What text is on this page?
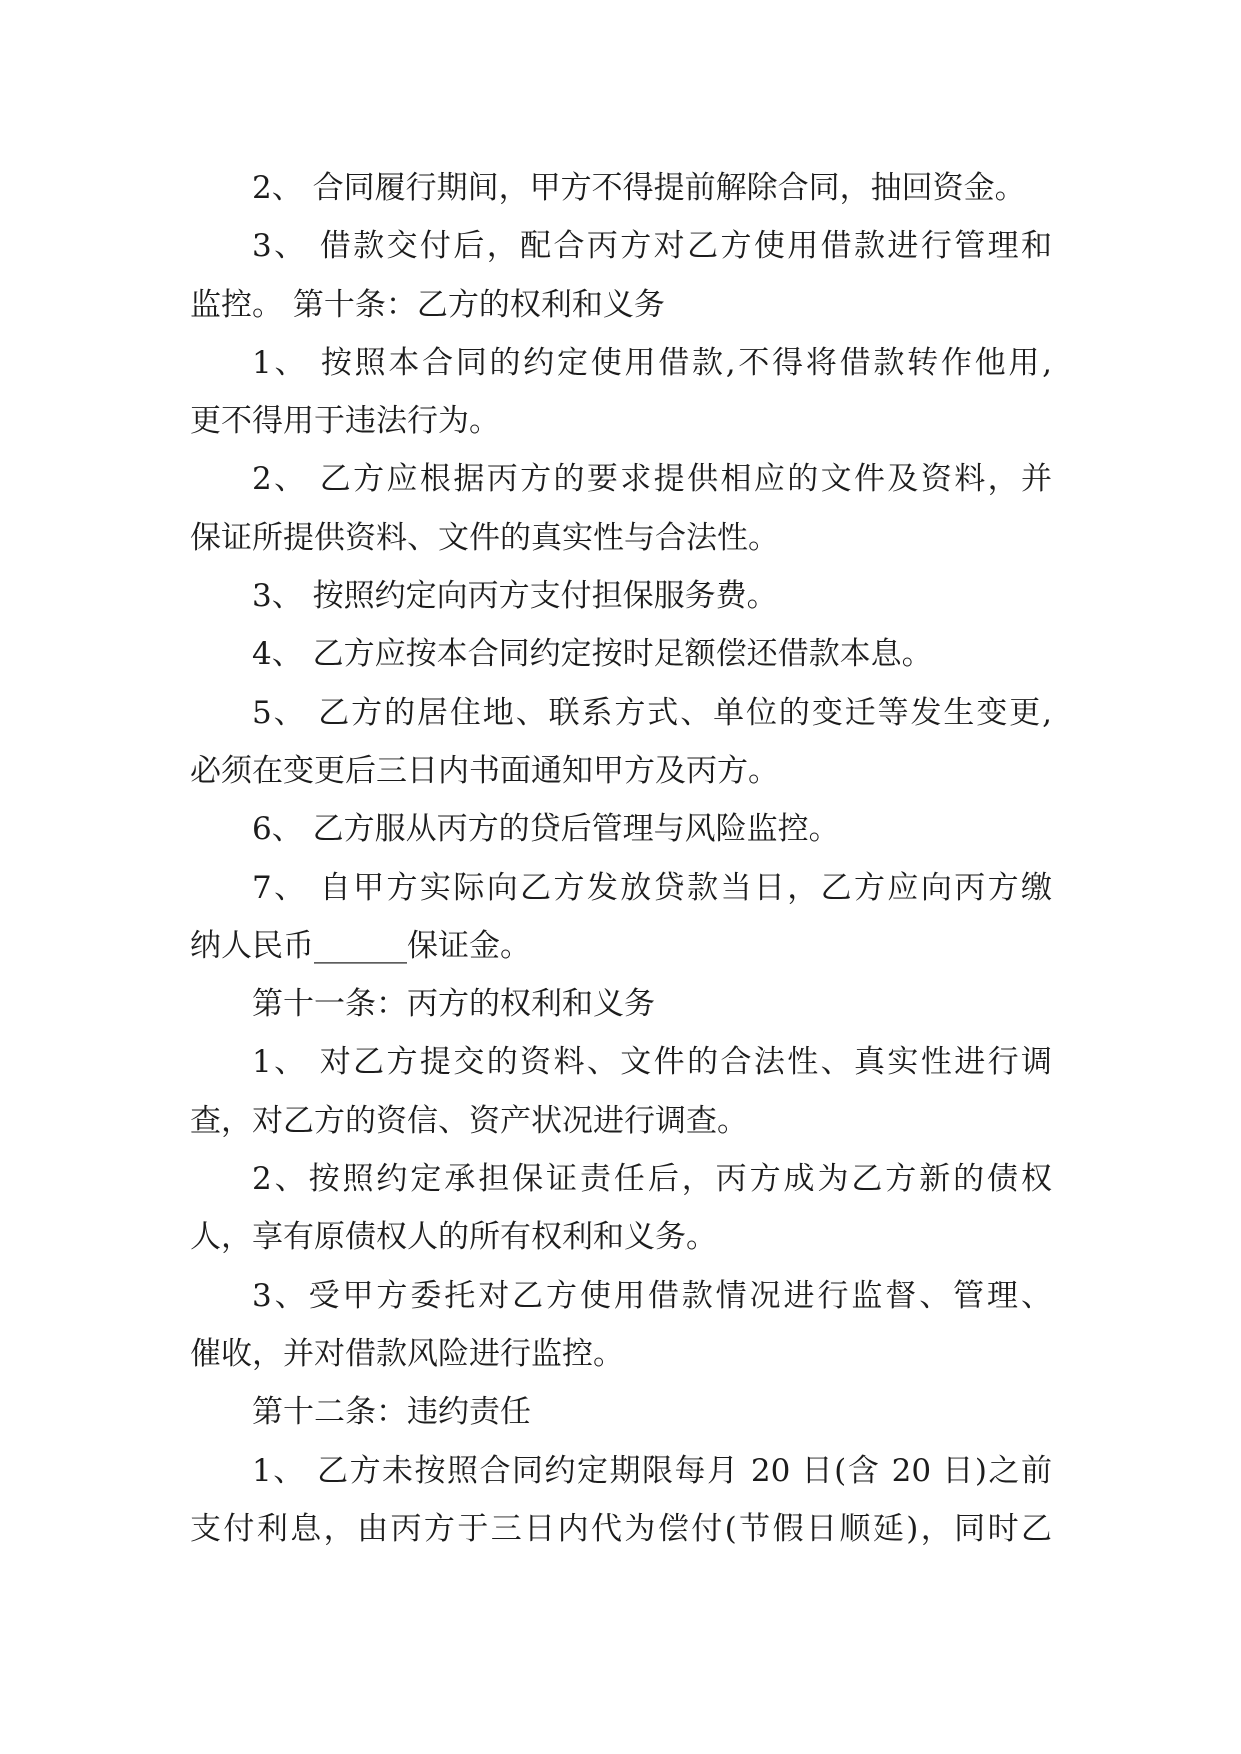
2、 合同履行期间，甲方不得提前解除合同，抽回资金。
3、 借款交付后，配合丙方对乙方使用借款进行管理和
监控。 第十条：乙方的权利和义务
1、 按照本合同的约定使用借款,不得将借款转作他用,
更不得用于违法行为。
2、 乙方应根据丙方的要求提供相应的文件及资料，并
保证所提供资料、文件的真实性与合法性。
3、 按照约定向丙方支付担保服务费。
4、 乙方应按本合同约定按时足额偿还借款本息。
5、 乙方的居住地、联系方式、单位的变迁等发生变更,
必须在变更后三日内书面通知甲方及丙方。
6、 乙方服从丙方的贷后管理与风险监控。
7、 自甲方实际向乙方发放贷款当日，乙方应向丙方缴
纳人民币______保证金。
第十一条：丙方的权利和义务
1、 对乙方提交的资料、文件的合法性、真实性进行调
查，对乙方的资信、资产状况进行调查。
2、按照约定承担保证责任后，丙方成为乙方新的债权
人，享有原债权人的所有权利和义务。
3、受甲方委托对乙方使用借款情况进行监督、管理、
催收，并对借款风险进行监控。
第十二条：违约责任
1、 乙方未按照合同约定期限每月 20 日(含 20 日)之前
支付利息，由丙方于三日内代为偿付(节假日顺延)，同时乙
